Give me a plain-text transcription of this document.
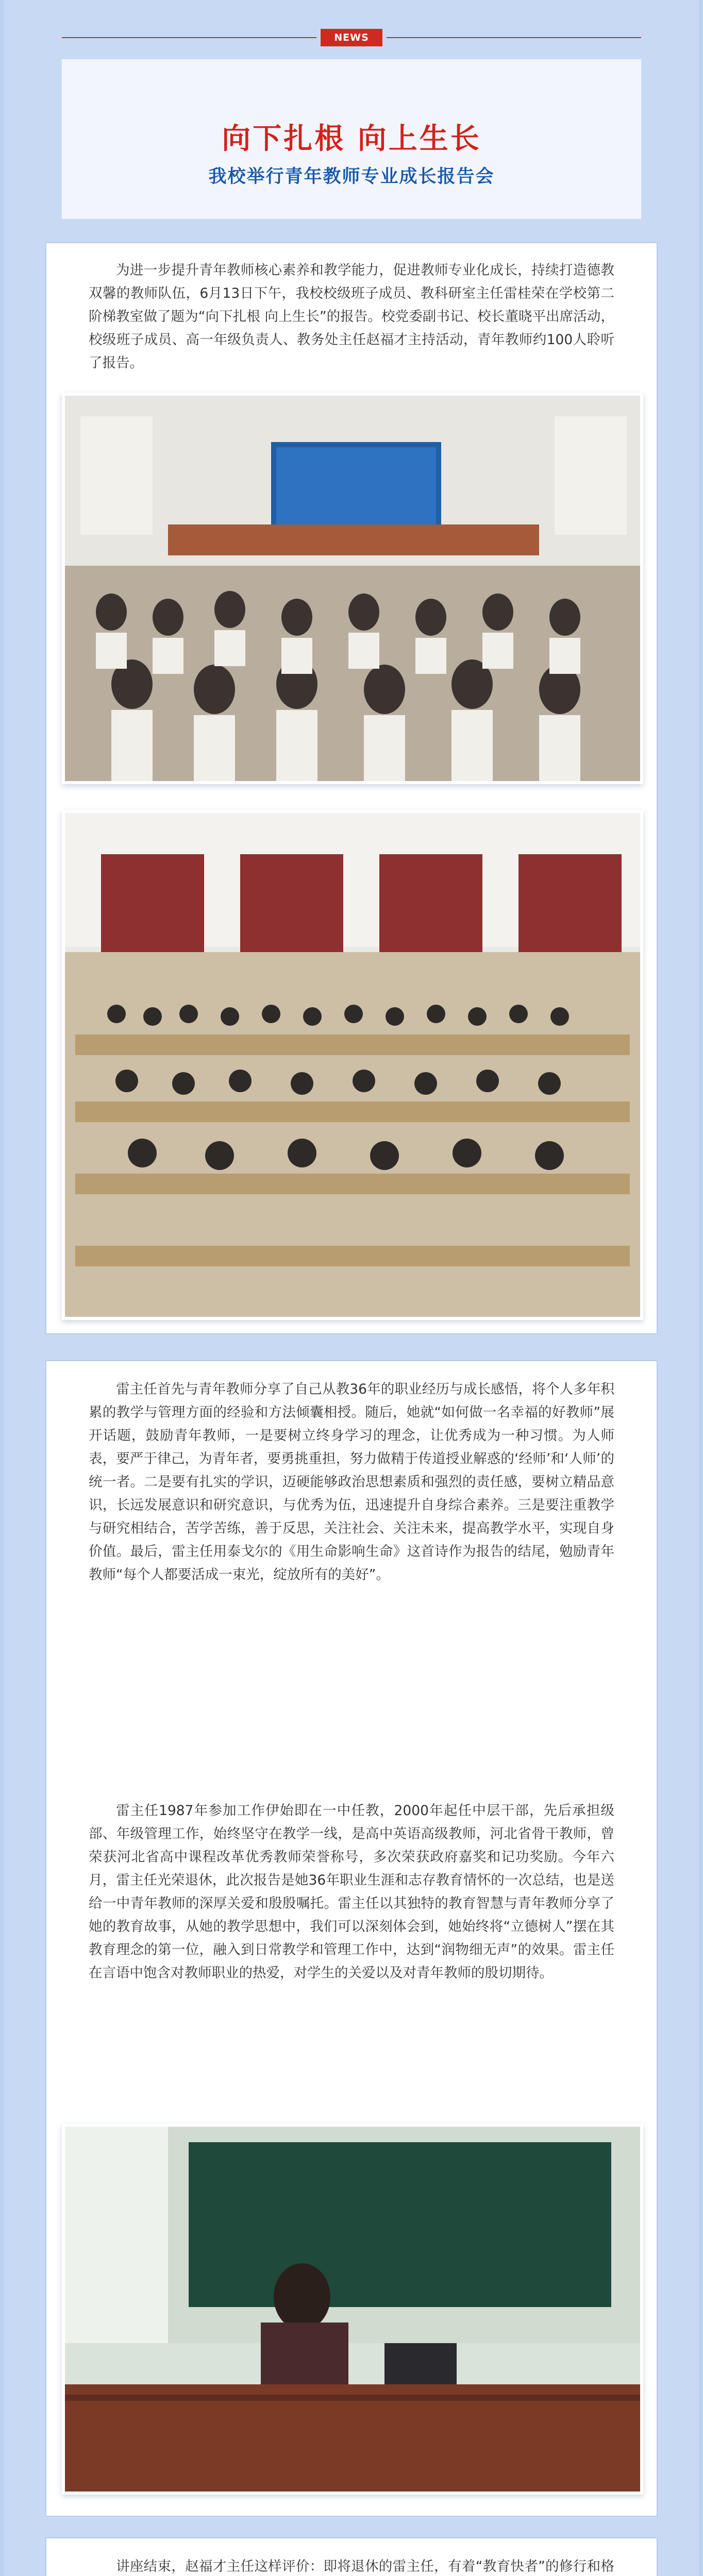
NEWS
向下扎根 向上生长
我校举行青年教师专业成长报告会

为进一步提升青年教师核心素养和教学能力，促进教师专业化成长，持续打造德教双馨的教师队伍，6月13日下午，我校校级班子成员、教科研室主任雷桂荣在学校第二阶梯教室做了题为“向下扎根 向上生长”的报告。校党委副书记、校长董晓平出席活动，校级班子成员、高一年级负责人、教务处主任赵福才主持活动，青年教师约100人聆听了报告。

雷主任首先与青年教师分享了自己从教36年的职业经历与成长感悟，将个人多年积累的教学与管理方面的经验和方法倾囊相授。随后，她就“如何做一名幸福的好教师”展开话题，鼓励青年教师，一是要树立终身学习的理念，让优秀成为一种习惯。为人师表，要严于律己，为青年者，要勇挑重担，努力做精于传道授业解惑的‘经师’和‘人师’的统一者。二是要有扎实的学识，迈硬能够政治思想素质和强烈的责任感，要树立精品意识，长远发展意识和研究意识，与优秀为伍，迅速提升自身综合素养。三是要注重教学与研究相结合，苦学苦练，善于反思，关注社会、关注未来，提高教学水平，实现自身价值。最后，雷主任用泰戈尔的《用生命影响生命》这首诗作为报告的结尾，勉励青年教师“每个人都要活成一束光，绽放所有的美好”。

雷主任1987年参加工作伊始即在一中任教，2000年起任中层干部，先后承担级部、年级管理工作，始终坚守在教学一线，是高中英语高级教师，河北省骨干教师，曾荣获河北省高中课程改革优秀教师荣誉称号，多次荣获政府嘉奖和记功奖励。今年六月，雷主任光荣退休，此次报告是她36年职业生涯和志存教育情怀的一次总结，也是送给一中青年教师的深厚关爱和殷殷嘱托。雷主任以其独特的教育智慧与青年教师分享了她的教育故事，从她的教学思想中，我们可以深刻体会到，她始终将“立德树人”摆在其教育理念的第一位，融入到日常教学和管理工作中，达到“润物细无声”的效果。雷主任在言语中饱含对教师职业的热爱，对学生的关爱以及对青年教师的殷切期待。

讲座结束，赵福才主任这样评价：即将退休的雷主任，有着“教育快者”的修行和格
